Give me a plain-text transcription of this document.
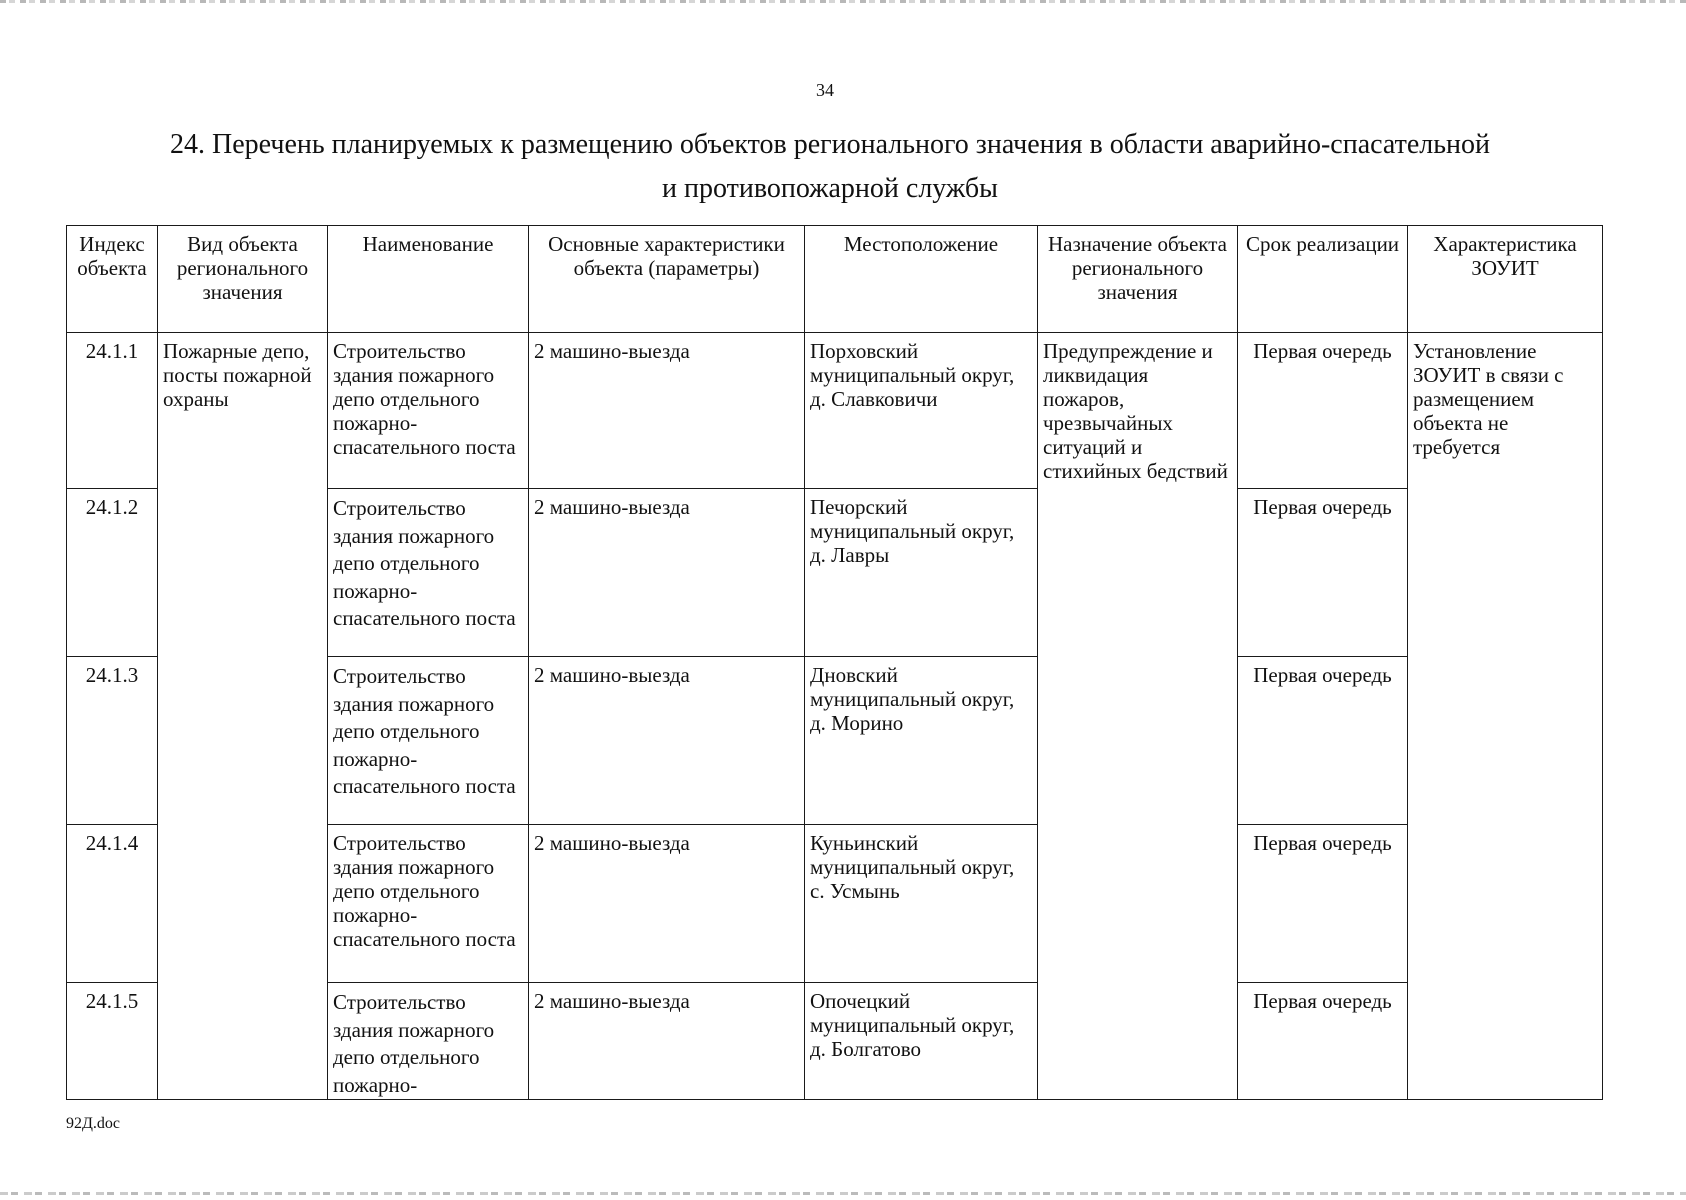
34
24. Перечень планируемых к размещению объектов регионального значения в области аварийно-спасательной
и противопожарной службы
Индекс объекта	Вид объекта регионального значения	Наименование	Основные характеристики объекта (параметры)	Местоположение	Назначение объекта регионального значения	Срок реализации	Характеристика ЗОУИТ
24.1.1	Пожарные депо, посты пожарной охраны	Строительство здания пожарного депо отдельного пожарно-спасательного поста	2 машино-выезда	Порховский муниципальный округ, д. Славковичи	Предупреждение и ликвидация пожаров, чрезвычайных ситуаций и стихийных бедствий	Первая очередь	Установление ЗОУИТ в связи с размещением объекта не требуется
24.1.2		Строительство здания пожарного депо отдельного пожарно-спасательного поста	2 машино-выезда	Печорский муниципальный округ, д. Лавры		Первая очередь	
24.1.3		Строительство здания пожарного депо отдельного пожарно-спасательного поста	2 машино-выезда	Дновский муниципальный округ, д. Морино		Первая очередь	
24.1.4		Строительство здания пожарного депо отдельного пожарно-спасательного поста	2 машино-выезда	Куньинский муниципальный округ, с. Усмынь		Первая очередь	
24.1.5		Строительство здания пожарного депо отдельного пожарно-	2 машино-выезда	Опочецкий муниципальный округ, д. Болгатово		Первая очередь	
92Д.doc
